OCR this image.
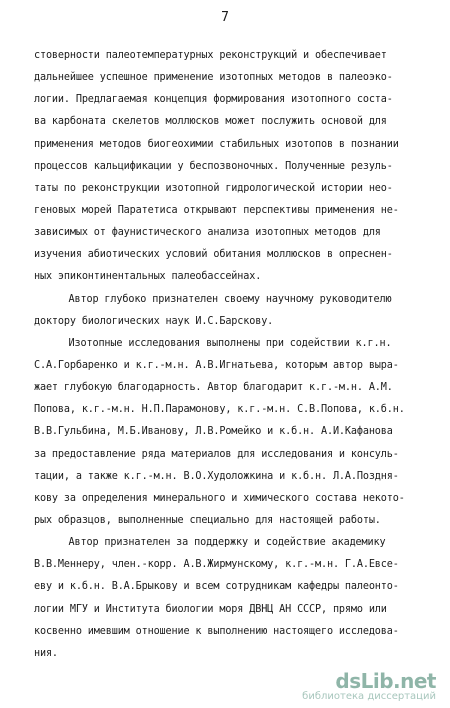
7
стоверности палеотемпературных реконструкций и обеспечивает
дальнейшее успешное применение изотопных методов в палеоэко-
логии. Предлагаемая концепция формирования изотопного соста-
ва карбоната скелетов моллюсков может послужить основой для
применения методов биогеохимии стабильных изотопов в познании
процессов кальцификации у беспозвоночных. Полученные резуль-
таты по реконструкции изотопной гидрологической истории нео-
геновых морей Паратетиса открывают перспективы применения не-
зависимых от фаунистического анализа изотопных методов для
изучения абиотических условий обитания моллюсков в опреснен-
ных эпиконтинентальных палеобассейнах.
Автор глубоко признателен своему научному руководителю
доктору биологических наук И.С.Барскову.
Изотопные исследования выполнены при содействии к.г.н.
С.А.Горбаренко и к.г.-м.н. А.В.Игнатьева, которым автор выра-
жает глубокую благодарность. Автор благодарит к.г.-м.н. А.М.
Попова, к.г.-м.н. Н.П.Парамонову, к.г.-м.н. С.В.Попова, к.б.н.
В.В.Гульбина, М.Б.Иванову, Л.В.Ромейко и к.б.н. А.И.Кафанова
за предоставление ряда материалов для исследования и консуль-
тации, а также к.г.-м.н. В.О.Худоложкина и к.б.н. Л.А.Поздня-
кову за определения минерального и химического состава некото-
рых образцов, выполненные специально для настоящей работы.
Автор признателен за поддержку и содействие академику
В.В.Меннеру, член.-корр. А.В.Жирмунскому, к.г.-м.н. Г.А.Евсе-
еву и к.б.н. В.А.Брыкову и всем сотрудникам кафедры палеонто-
логии МГУ и Института биологии моря ДВНЦ АН СССР, прямо или
косвенно имевшим отношение к выполнению настоящего исследова-
ния.
dsLib.net
библиотека диссертаций
